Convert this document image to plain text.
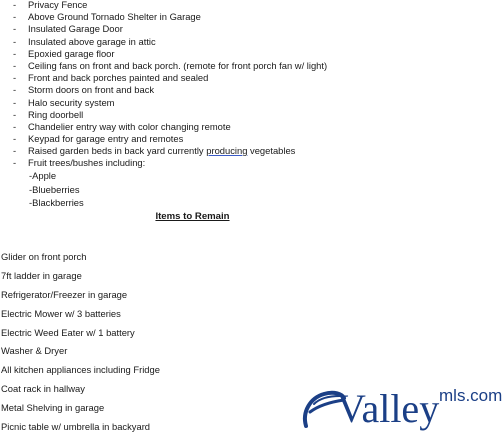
- Privacy Fence
- Above Ground Tornado Shelter in Garage
- Insulated Garage Door
- Insulated above garage in attic
- Epoxied garage floor
- Ceiling fans on front and back porch. (remote for front porch fan w/ light)
- Front and back porches painted and sealed
- Storm doors on front and back
- Halo security system
- Ring doorbell
- Chandelier entry way with color changing remote
- Keypad for garage entry and remotes
- Raised garden beds in back yard currently producing vegetables
- Fruit trees/bushes including:
-Apple
-Blueberries
-Blackberries
Items to Remain
Glider on front porch
7ft ladder in garage
Refrigerator/Freezer in garage
Electric Mower w/ 3 batteries
Electric Weed Eater w/ 1 battery
Washer & Dryer
All kitchen appliances including Fridge
Coat rack in hallway
Metal Shelving in garage
Picnic table w/ umbrella in backyard	Valley mls.com
